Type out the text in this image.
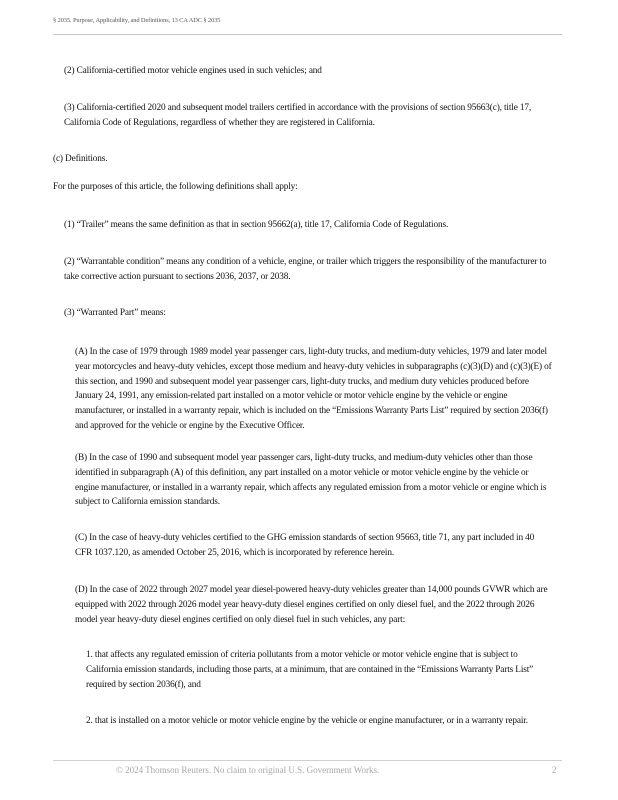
§ 2035. Purpose, Applicability, and Definitions, 13 CA ADC § 2035

(2) California-certified motor vehicle engines used in such vehicles; and

(3) California-certified 2020 and subsequent model trailers certified in accordance with the provisions of section 95663(c), title 17, California Code of Regulations, regardless of whether they are registered in California.

(c) Definitions.

For the purposes of this article, the following definitions shall apply:

(1) “Trailer” means the same definition as that in section 95662(a), title 17, California Code of Regulations.

(2) “Warrantable condition” means any condition of a vehicle, engine, or trailer which triggers the responsibility of the manufacturer to take corrective action pursuant to sections 2036, 2037, or 2038.

(3) “Warranted Part” means:

(A) In the case of 1979 through 1989 model year passenger cars, light-duty trucks, and medium-duty vehicles, 1979 and later model year motorcycles and heavy-duty vehicles, except those medium and heavy-duty vehicles in subparagraphs (c)(3)(D) and (c)(3)(E) of this section, and 1990 and subsequent model year passenger cars, light-duty trucks, and medium duty vehicles produced before January 24, 1991, any emission-related part installed on a motor vehicle or motor vehicle engine by the vehicle or engine manufacturer, or installed in a warranty repair, which is included on the “Emissions Warranty Parts List” required by section 2036(f) and approved for the vehicle or engine by the Executive Officer.

(B) In the case of 1990 and subsequent model year passenger cars, light-duty trucks, and medium-duty vehicles other than those identified in subparagraph (A) of this definition, any part installed on a motor vehicle or motor vehicle engine by the vehicle or engine manufacturer, or installed in a warranty repair, which affects any regulated emission from a motor vehicle or engine which is subject to California emission standards.

(C) In the case of heavy-duty vehicles certified to the GHG emission standards of section 95663, title 71, any part included in 40 CFR 1037.120, as amended October 25, 2016, which is incorporated by reference herein.

(D) In the case of 2022 through 2027 model year diesel-powered heavy-duty vehicles greater than 14,000 pounds GVWR which are equipped with 2022 through 2026 model year heavy-duty diesel engines certified on only diesel fuel, and the 2022 through 2026 model year heavy-duty diesel engines certified on only diesel fuel in such vehicles, any part:

1. that affects any regulated emission of criteria pollutants from a motor vehicle or motor vehicle engine that is subject to California emission standards, including those parts, at a minimum, that are contained in the “Emissions Warranty Parts List” required by section 2036(f), and

2. that is installed on a motor vehicle or motor vehicle engine by the vehicle or engine manufacturer, or in a warranty repair.

© 2024 Thomson Reuters. No claim to original U.S. Government Works.	2
